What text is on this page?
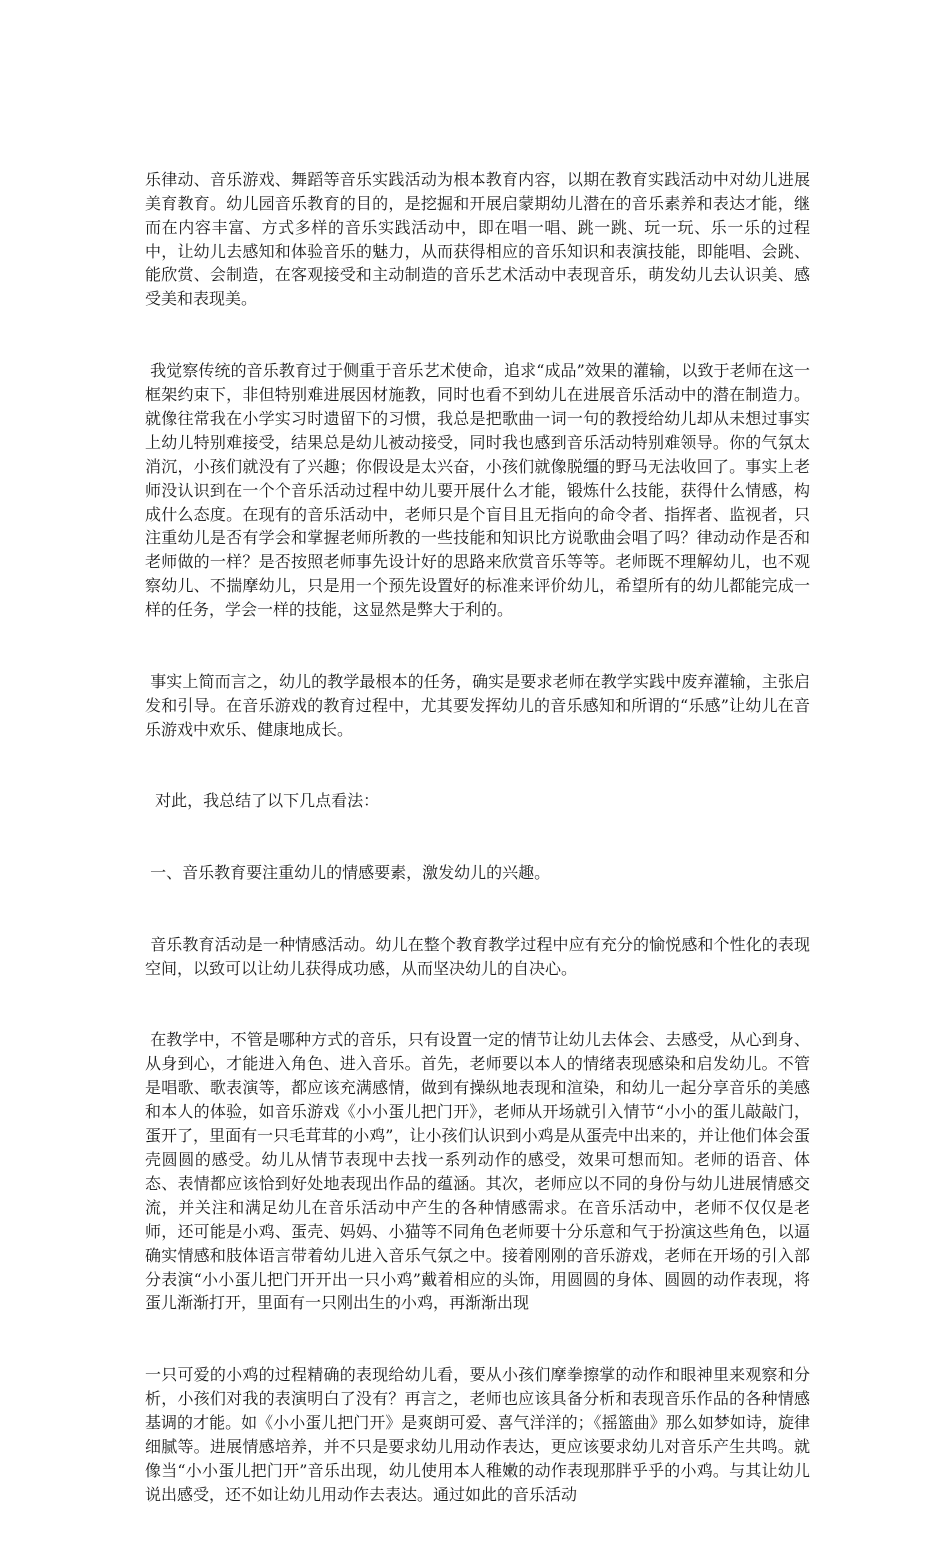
乐律动、音乐游戏、舞蹈等音乐实践活动为根本教育内容，以期在教育实践活动中对幼儿进展美育教育。幼儿园音乐教育的目的，是挖掘和开展启蒙期幼儿潜在的音乐素养和表达才能，继而在内容丰富、方式多样的音乐实践活动中，即在唱一唱、跳一跳、玩一玩、乐一乐的过程中，让幼儿去感知和体验音乐的魅力，从而获得相应的音乐知识和表演技能，即能唱、会跳、能欣赏、会制造，在客观接受和主动制造的音乐艺术活动中表现音乐，萌发幼儿去认识美、感受美和表现美。

我觉察传统的音乐教育过于侧重于音乐艺术使命，追求“成品”效果的灌输，以致于老师在这一框架约束下，非但特别难进展因材施教，同时也看不到幼儿在进展音乐活动中的潜在制造力。就像往常我在小学实习时遗留下的习惯，我总是把歌曲一词一句的教授给幼儿却从未想过事实上幼儿特别难接受，结果总是幼儿被动接受，同时我也感到音乐活动特别难领导。你的气氛太消沉，小孩们就没有了兴趣；你假设是太兴奋，小孩们就像脱缰的野马无法收回了。事实上老师没认识到在一个个音乐活动过程中幼儿要开展什么才能，锻炼什么技能，获得什么情感，构成什么态度。在现有的音乐活动中，老师只是个盲目且无指向的命令者、指挥者、监视者，只注重幼儿是否有学会和掌握老师所教的一些技能和知识比方说歌曲会唱了吗？律动动作是否和老师做的一样？是否按照老师事先设计好的思路来欣赏音乐等等。老师既不理解幼儿，也不观察幼儿、不揣摩幼儿，只是用一个预先设置好的标准来评价幼儿，希望所有的幼儿都能完成一样的任务，学会一样的技能，这显然是弊大于利的。

事实上简而言之，幼儿的教学最根本的任务，确实是要求老师在教学实践中废弃灌输，主张启发和引导。在音乐游戏的教育过程中，尤其要发挥幼儿的音乐感知和所谓的“乐感”让幼儿在音乐游戏中欢乐、健康地成长。

对此，我总结了以下几点看法：

一、音乐教育要注重幼儿的情感要素，激发幼儿的兴趣。

音乐教育活动是一种情感活动。幼儿在整个教育教学过程中应有充分的愉悦感和个性化的表现空间，以致可以让幼儿获得成功感，从而坚决幼儿的自决心。

在教学中，不管是哪种方式的音乐，只有设置一定的情节让幼儿去体会、去感受，从心到身、从身到心，才能进入角色、进入音乐。首先，老师要以本人的情绪表现感染和启发幼儿。不管是唱歌、歌表演等，都应该充满感情，做到有操纵地表现和渲染，和幼儿一起分享音乐的美感和本人的体验，如音乐游戏《小小蛋儿把门开》，老师从开场就引入情节“小小的蛋儿敲敲门，蛋开了，里面有一只毛茸茸的小鸡”，让小孩们认识到小鸡是从蛋壳中出来的，并让他们体会蛋壳圆圆的感受。幼儿从情节表现中去找一系列动作的感受，效果可想而知。老师的语音、体态、表情都应该恰到好处地表现出作品的蕴涵。其次，老师应以不同的身份与幼儿进展情感交流，并关注和满足幼儿在音乐活动中产生的各种情感需求。在音乐活动中，老师不仅仅是老师，还可能是小鸡、蛋壳、妈妈、小猫等不同角色老师要十分乐意和气于扮演这些角色，以逼确实情感和肢体语言带着幼儿进入音乐气氛之中。接着刚刚的音乐游戏，老师在开场的引入部分表演“小小蛋儿把门开开出一只小鸡”戴着相应的头饰，用圆圆的身体、圆圆的动作表现，将蛋儿渐渐打开，里面有一只刚出生的小鸡，再渐渐出现

一只可爱的小鸡的过程精确的表现给幼儿看，要从小孩们摩拳擦掌的动作和眼神里来观察和分析，小孩们对我的表演明白了没有？再言之，老师也应该具备分析和表现音乐作品的各种情感基调的才能。如《小小蛋儿把门开》是爽朗可爱、喜气洋洋的；《摇篮曲》那么如梦如诗，旋律细腻等。进展情感培养，并不只是要求幼儿用动作表达，更应该要求幼儿对音乐产生共鸣。就像当“小小蛋儿把门开”音乐出现，幼儿使用本人稚嫩的动作表现那胖乎乎的小鸡。与其让幼儿说出感受，还不如让幼儿用动作去表达。通过如此的音乐活动
